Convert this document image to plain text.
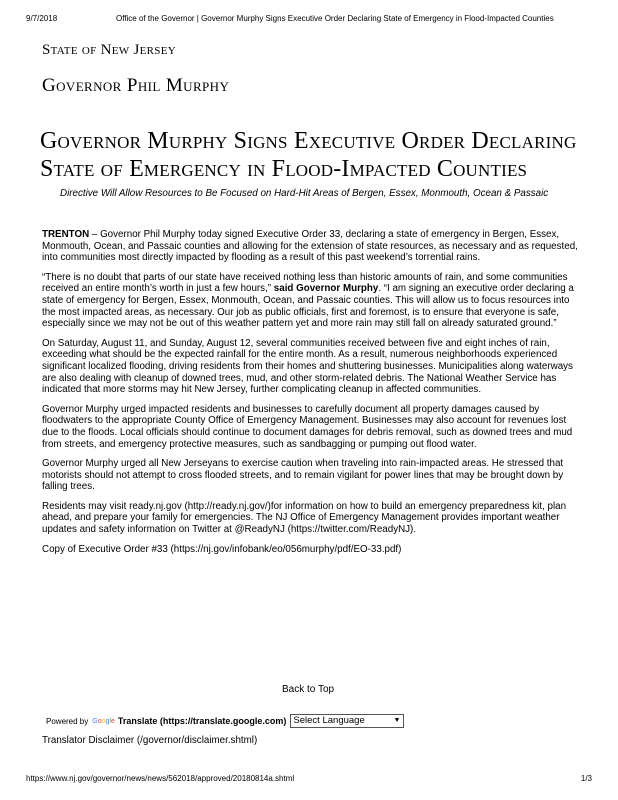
9/7/2018	Office of the Governor | Governor Murphy Signs Executive Order Declaring State of Emergency in Flood-Impacted Counties
State of New Jersey
Governor Phil Murphy
Governor Murphy Signs Executive Order Declaring State of Emergency in Flood-Impacted Counties
Directive Will Allow Resources to Be Focused on Hard-Hit Areas of Bergen, Essex, Monmouth, Ocean & Passaic

TRENTON – Governor Phil Murphy today signed Executive Order 33, declaring a state of emergency in Bergen, Essex, Monmouth, Ocean, and Passaic counties and allowing for the extension of state resources, as necessary and as requested, into communities most directly impacted by flooding as a result of this past weekend’s torrential rains.

“There is no doubt that parts of our state have received nothing less than historic amounts of rain, and some communities received an entire month’s worth in just a few hours,” said Governor Murphy. “I am signing an executive order declaring a state of emergency for Bergen, Essex, Monmouth, Ocean, and Passaic counties. This will allow us to focus resources into the most impacted areas, as necessary. Our job as public officials, first and foremost, is to ensure that everyone is safe, especially since we may not be out of this weather pattern yet and more rain may still fall on already saturated ground.”

On Saturday, August 11, and Sunday, August 12, several communities received between five and eight inches of rain, exceeding what should be the expected rainfall for the entire month. As a result, numerous neighborhoods experienced significant localized flooding, driving residents from their homes and shuttering businesses. Municipalities along waterways are also dealing with cleanup of downed trees, mud, and other storm-related debris. The National Weather Service has indicated that more storms may hit New Jersey, further complicating cleanup in affected communities.

Governor Murphy urged impacted residents and businesses to carefully document all property damages caused by floodwaters to the appropriate County Office of Emergency Management. Businesses may also account for revenues lost due to the floods. Local officials should continue to document damages for debris removal, such as downed trees and mud from streets, and emergency protective measures, such as sandbagging or pumping out flood water.

Governor Murphy urged all New Jerseyans to exercise caution when traveling into rain-impacted areas. He stressed that motorists should not attempt to cross flooded streets, and to remain vigilant for power lines that may be brought down by falling trees.

Residents may visit ready.nj.gov (http://ready.nj.gov/)for information on how to build an emergency preparedness kit, plan ahead, and prepare your family for emergencies. The NJ Office of Emergency Management provides important weather updates and safety information on Twitter at @ReadyNJ (https://twitter.com/ReadyNJ).

Copy of Executive Order #33 (https://nj.gov/infobank/eo/056murphy/pdf/EO-33.pdf)

Back to Top
Powered by Google Translate (https://translate.google.com) Select Language	▼
Translator Disclaimer (/governor/disclaimer.shtml)
https://www.nj.gov/governor/news/news/562018/approved/20180814a.shtml	1/3
